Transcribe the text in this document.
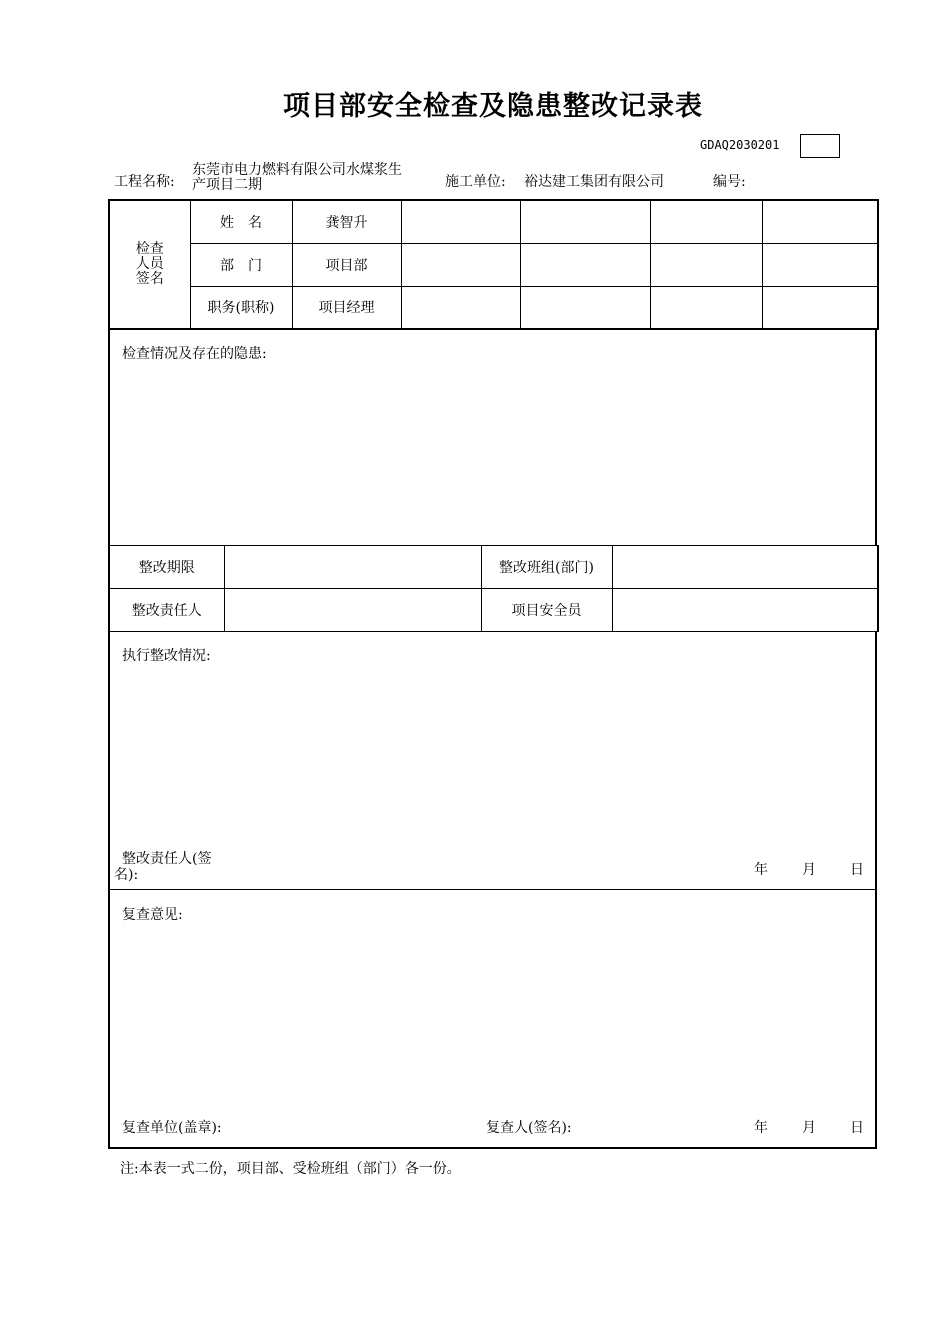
项目部安全检查及隐患整改记录表
GDAQ2030201
工程名称:
东莞市电力燃料有限公司水煤浆生
产项目二期	施工单位: 裕达建工集团有限公司	编号:
检查
人员
签名	姓　名	龚智升				
	部　门	项目部				
	职务(职称)	项目经理				
检查情况及存在的隐患:
整改期限		整改班组(部门)	
整改责任人		项目安全员	
执行整改情况:
整改责任人(签
名):	年 月 日
复查意见:
复查单位(盖章):	复查人(签名):	年 月 日
注:本表一式二份，项目部、受检班组（部门）各一份。
